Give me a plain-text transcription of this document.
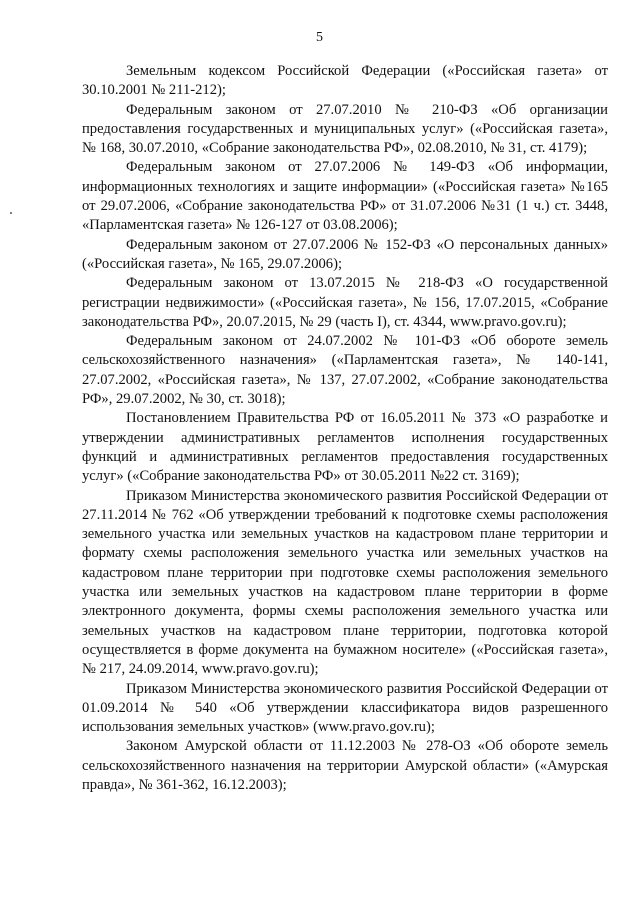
5

Земельным кодексом Российской Федерации («Российская газета» от 30.10.2001 № 211-212);

Федеральным законом от 27.07.2010 № 210-ФЗ «Об организации предоставления государственных и муниципальных услуг» («Российская газета», № 168, 30.07.2010, «Собрание законодательства РФ», 02.08.2010, № 31, ст. 4179);

Федеральным законом от 27.07.2006 № 149-ФЗ «Об информации, информационных технологиях и защите информации» («Российская газета» №165 от 29.07.2006, «Собрание законодательства РФ» от 31.07.2006 №31 (1 ч.) ст. 3448, «Парламентская газета» № 126-127 от 03.08.2006);

Федеральным законом от 27.07.2006 № 152-ФЗ «О персональных данных» («Российская газета», № 165, 29.07.2006);

Федеральным законом от 13.07.2015 № 218-ФЗ «О государственной регистрации недвижимости» («Российская газета», № 156, 17.07.2015, «Собрание законодательства РФ», 20.07.2015, № 29 (часть I), ст. 4344, www.pravo.gov.ru);

Федеральным законом от 24.07.2002 № 101-ФЗ «Об обороте земель сельскохозяйственного назначения» («Парламентская газета», № 140-141, 27.07.2002, «Российская газета», № 137, 27.07.2002, «Собрание законодательства РФ», 29.07.2002, № 30, ст. 3018);

Постановлением Правительства РФ от 16.05.2011 № 373 «О разработке и утверждении административных регламентов исполнения государственных функций и административных регламентов предоставления государственных услуг» («Собрание законодательства РФ» от 30.05.2011 №22 ст. 3169);

Приказом Министерства экономического развития Российской Федерации от 27.11.2014 № 762 «Об утверждении требований к подготовке схемы расположения земельного участка или земельных участков на кадастровом плане территории и формату схемы расположения земельного участка или земельных участков на кадастровом плане территории при подготовке схемы расположения земельного участка или земельных участков на кадастровом плане территории в форме электронного документа, формы схемы расположения земельного участка или земельных участков на кадастровом плане территории, подготовка которой осуществляется в форме документа на бумажном носителе» («Российская газета», № 217, 24.09.2014, www.pravo.gov.ru);

Приказом Министерства экономического развития Российской Федерации от 01.09.2014 № 540 «Об утверждении классификатора видов разрешенного использования земельных участков» (www.pravo.gov.ru);

Законом Амурской области от 11.12.2003 № 278-ОЗ «Об обороте земель сельскохозяйственного назначения на территории Амурской области» («Амурская правда», № 361-362, 16.12.2003);
